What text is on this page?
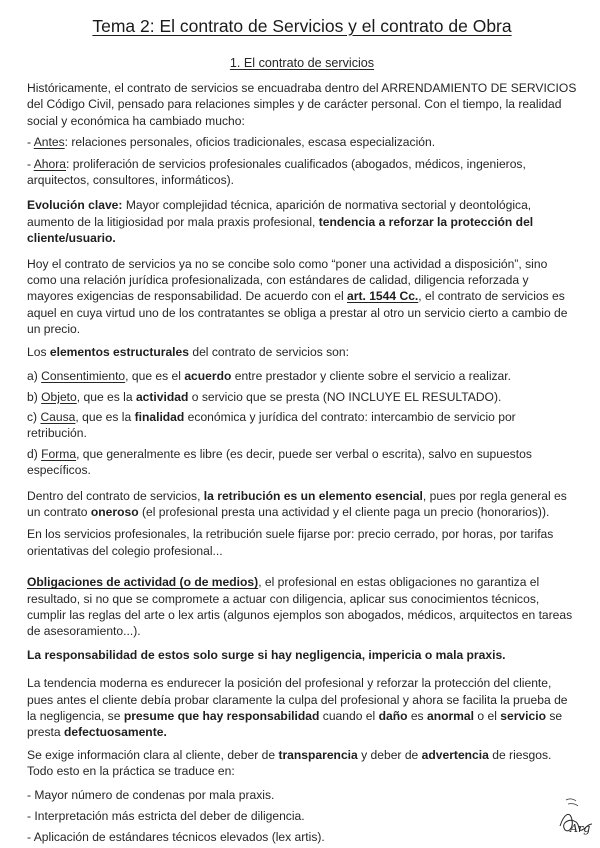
Tema 2: El contrato de Servicios y el contrato de Obra
1. El contrato de servicios

Históricamente, el contrato de servicios se encuadraba dentro del ARRENDAMIENTO DE SERVICIOS del Código Civil, pensado para relaciones simples y de carácter personal. Con el tiempo, la realidad social y económica ha cambiado mucho:

- Antes: relaciones personales, oficios tradicionales, escasa especialización.

- Ahora: proliferación de servicios profesionales cualificados (abogados, médicos, ingenieros, arquitectos, consultores, informáticos).

Evolución clave: Mayor complejidad técnica, aparición de normativa sectorial y deontológica, aumento de la litigiosidad por mala praxis profesional, tendencia a reforzar la protección del cliente/usuario.

Hoy el contrato de servicios ya no se concibe solo como “poner una actividad a disposición”, sino como una relación jurídica profesionalizada, con estándares de calidad, diligencia reforzada y mayores exigencias de responsabilidad. De acuerdo con el art. 1544 Cc., el contrato de servicios es aquel en cuya virtud uno de los contratantes se obliga a prestar al otro un servicio cierto a cambio de un precio.

Los elementos estructurales del contrato de servicios son:

a) Consentimiento, que es el acuerdo entre prestador y cliente sobre el servicio a realizar.

b) Objeto, que es la actividad o servicio que se presta (NO INCLUYE EL RESULTADO).

c) Causa, que es la finalidad económica y jurídica del contrato: intercambio de servicio por retribución.

d) Forma, que generalmente es libre (es decir, puede ser verbal o escrita), salvo en supuestos específicos.

Dentro del contrato de servicios, la retribución es un elemento esencial, pues por regla general es un contrato oneroso (el profesional presta una actividad y el cliente paga un precio (honorarios)).

En los servicios profesionales, la retribución suele fijarse por: precio cerrado, por horas, por tarifas orientativas del colegio profesional...

Obligaciones de actividad (o de medios), el profesional en estas obligaciones no garantiza el resultado, si no que se compromete a actuar con diligencia, aplicar sus conocimientos técnicos, cumplir las reglas del arte o lex artis (algunos ejemplos son abogados, médicos, arquitectos en tareas de asesoramiento...).

La responsabilidad de estos solo surge si hay negligencia, impericia o mala praxis.

La tendencia moderna es endurecer la posición del profesional y reforzar la protección del cliente, pues antes el cliente debía probar claramente la culpa del profesional y ahora se facilita la prueba de la negligencia, se presume que hay responsabilidad cuando el daño es anormal o el servicio se presta defectuosamente.

Se exige información clara al cliente, deber de transparencia y deber de advertencia de riesgos.

Todo esto en la práctica se traduce en:

- Mayor número de condenas por mala praxis.

- Interpretación más estricta del deber de diligencia.

- Aplicación de estándares técnicos elevados (lex artis).

Arg
